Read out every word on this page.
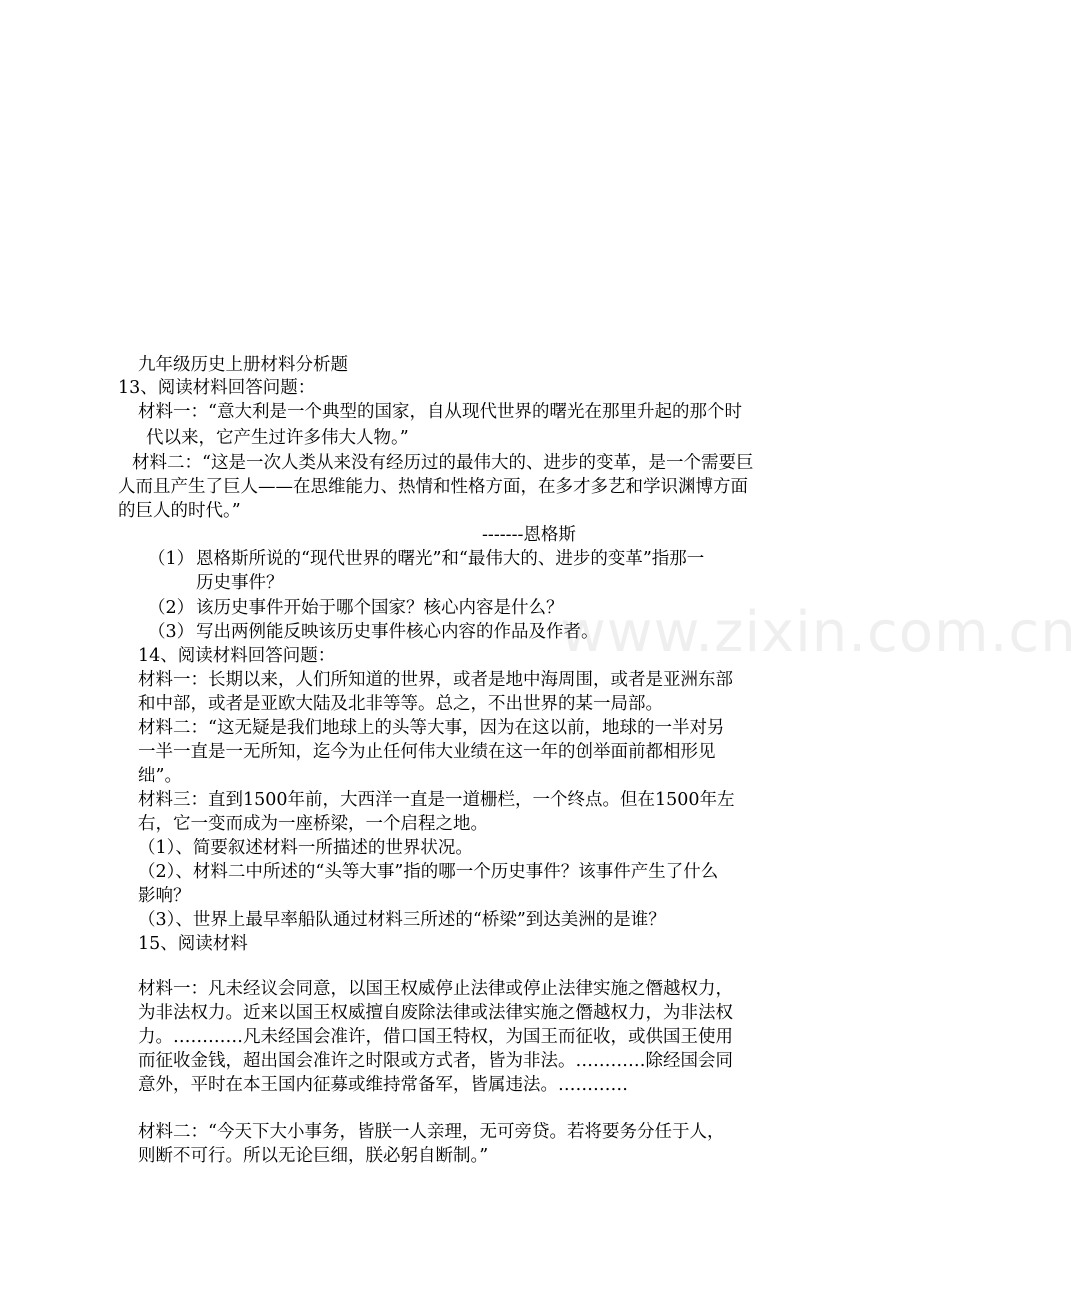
www.zixin.com.cn
九年级历史上册材料分析题
13、阅读材料回答问题：
材料一：“意大利是一个典型的国家，自从现代世界的曙光在那里升起的那个时
代以来，它产生过许多伟大人物。”
材料二：“这是一次人类从来没有经历过的最伟大的、进步的变革，是一个需要巨
人而且产生了巨人——在思维能力、热情和性格方面，在多才多艺和学识渊博方面
的巨人的时代。”
-------恩格斯
（1） 恩格斯所说的“现代世界的曙光”和“最伟大的、进步的变革”指那一
历史事件？
（2） 该历史事件开始于哪个国家？核心内容是什么？
（3） 写出两例能反映该历史事件核心内容的作品及作者。
14、阅读材料回答问题：
材料一：长期以来，人们所知道的世界，或者是地中海周围，或者是亚洲东部
和中部，或者是亚欧大陆及北非等等。总之，不出世界的某一局部。
材料二：“这无疑是我们地球上的头等大事，因为在这以前，地球的一半对另
一半一直是一无所知，迄今为止任何伟大业绩在这一年的创举面前都相形见
绌”。
材料三：直到1500年前，大西洋一直是一道栅栏，一个终点。但在1500年左
右，它一变而成为一座桥梁，一个启程之地。
（1）、简要叙述材料一所描述的世界状况。
（2）、材料二中所述的“头等大事”指的哪一个历史事件？该事件产生了什么
影响？
（3）、世界上最早率船队通过材料三所述的“桥梁”到达美洲的是谁？
15、阅读材料
材料一：凡未经议会同意，以国王权威停止法律或停止法律实施之僭越权力，
为非法权力。近来以国王权威擅自废除法律或法律实施之僭越权力，为非法权
力。…………凡未经国会准许，借口国王特权，为国王而征收，或供国王使用
而征收金钱，超出国会准许之时限或方式者，皆为非法。…………除经国会同
意外，平时在本王国内征募或维持常备军，皆属违法。…………
材料二：“今天下大小事务，皆朕一人亲理，无可旁贷。若将要务分任于人，
则断不可行。所以无论巨细，朕必躬自断制。”
